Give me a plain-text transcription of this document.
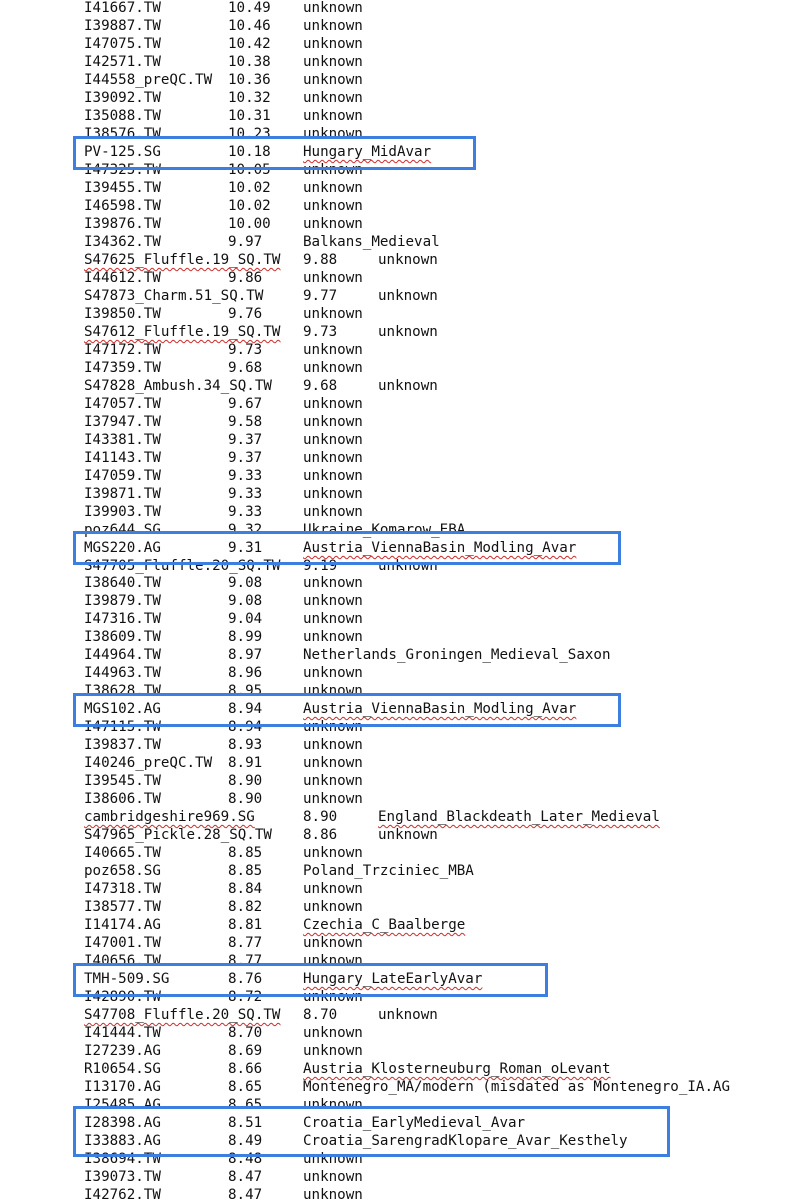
I41667.TW	10.49 unknown
I39887.TW	10.46 unknown
I47075.TW	10.42 unknown
I42571.TW	10.38 unknown
I44558_preQC.TW 10.36 unknown
I39092.TW	10.32 unknown
I35088.TW	10.31 unknown
I38576.TW	10.23 unknown
PV-125.SG	10.18 Hungary_MidAvar
I47325.TW	10.05 unknown
I39455.TW	10.02 unknown
I46598.TW	10.02 unknown
I39876.TW	10.00 unknown
I34362.TW	9.97	Balkans_Medieval
S47625_Fluffle.19_SQ.TW 9.88	unknown
I44612.TW	9.86	unknown
S47873_Charm.51_SQ.TW	9.77	unknown
I39850.TW	9.76	unknown
S47612_Fluffle.19_SQ.TW 9.73	unknown
I47172.TW	9.73	unknown
I47359.TW	9.68	unknown
S47828_Ambush.34_SQ.TW 9.68	unknown
I47057.TW	9.67	unknown
I37947.TW	9.58	unknown
I43381.TW	9.37	unknown
I41143.TW	9.37	unknown
I47059.TW	9.33	unknown
I39871.TW	9.33	unknown
I39903.TW	9.33	unknown
poz644.SG	9.32	Ukraine_Komarow_EBA
MGS220.AG	9.31	Austria_ViennaBasin_Modling_Avar
S47705_Fluffle.20_SQ.TW 9.19	unknown
I38640.TW	9.08	unknown
I39879.TW	9.08	unknown
I47316.TW	9.04	unknown
I38609.TW	8.99	unknown
I44964.TW	8.97	Netherlands_Groningen_Medieval_Saxon
I44963.TW	8.96	unknown
I38628.TW	8.95	unknown
MGS102.AG	8.94	Austria_ViennaBasin_Modling_Avar
I47115.TW	8.94	unknown
I39837.TW	8.93	unknown
I40246_preQC.TW 8.91	unknown
I39545.TW	8.90	unknown
I38606.TW	8.90	unknown
cambridgeshire969.SG	8.90	England_Blackdeath_Later_Medieval
S47965_Pickle.28_SQ.TW 8.86	unknown
I40665.TW	8.85	unknown
poz658.SG	8.85	Poland_Trzciniec_MBA
I47318.TW	8.84	unknown
I38577.TW	8.82	unknown
I14174.AG	8.81	Czechia_C_Baalberge
I47001.TW	8.77	unknown
I40656.TW	8.77	unknown
TMH-509.SG	8.76	Hungary_LateEarlyAvar
I42890.TW	8.72	unknown
S47708_Fluffle.20_SQ.TW 8.70	unknown
I41444.TW	8.70	unknown
I27239.AG	8.69	unknown
R10654.SG	8.66	Austria_Klosterneuburg_Roman_oLevant
I13170.AG	8.65	Montenegro_MA/modern (misdated as Montenegro_IA.AG
I25485.AG	8.65	unknown
I28398.AG	8.51	Croatia_EarlyMedieval_Avar
I33883.AG	8.49	Croatia_SarengradKlopare_Avar_Kesthely
I38694.TW	8.48	unknown
I39073.TW	8.47	unknown
I42762.TW	8.47	unknown
